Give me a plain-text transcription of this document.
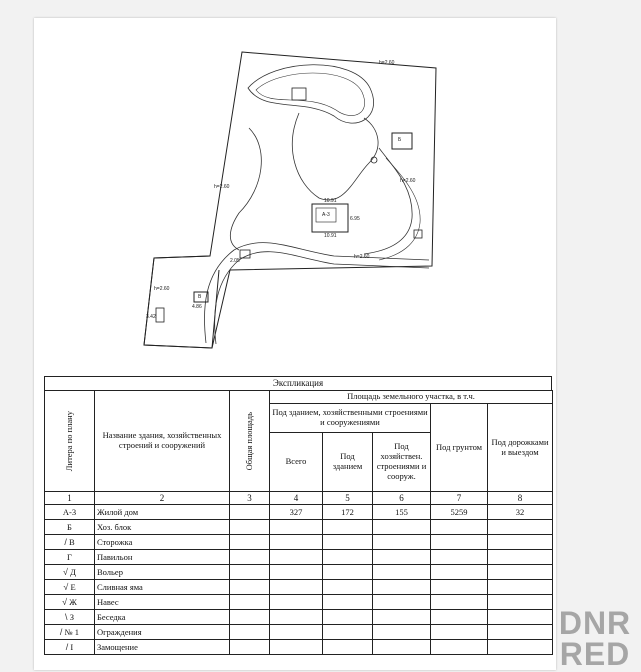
h=2.60
h=2.60
h=2.60
h=2.60
h=2.60
A-3
Б
В
10.91
10.91
6.95
4.86
2.05
3.42
Экспликация
Литера по плану	Название здания, хозяйственных строений и сооружений	Общая площадь	Площадь земельного участка, в т.ч.				
			Под зданием, хозяйственными строениями и сооружениями			Под грунтом	Под дорожками и выездом
			Всего	Под зданием	Под хозяйствен. строениями и сооруж.		
1	2	3	4	5	6	7	8
А-3	Жилой дом		327	172	155	5259	32
Б	Хоз. блок						
/ В	Сторожка						
Г	Павильон						
√ Д	Вольер						
√ Е	Сливная яма						
√ Ж	Навес						
\ З	Беседка						
/ № 1	Ограждения						
/ I	Замощение						
DNR
RED
